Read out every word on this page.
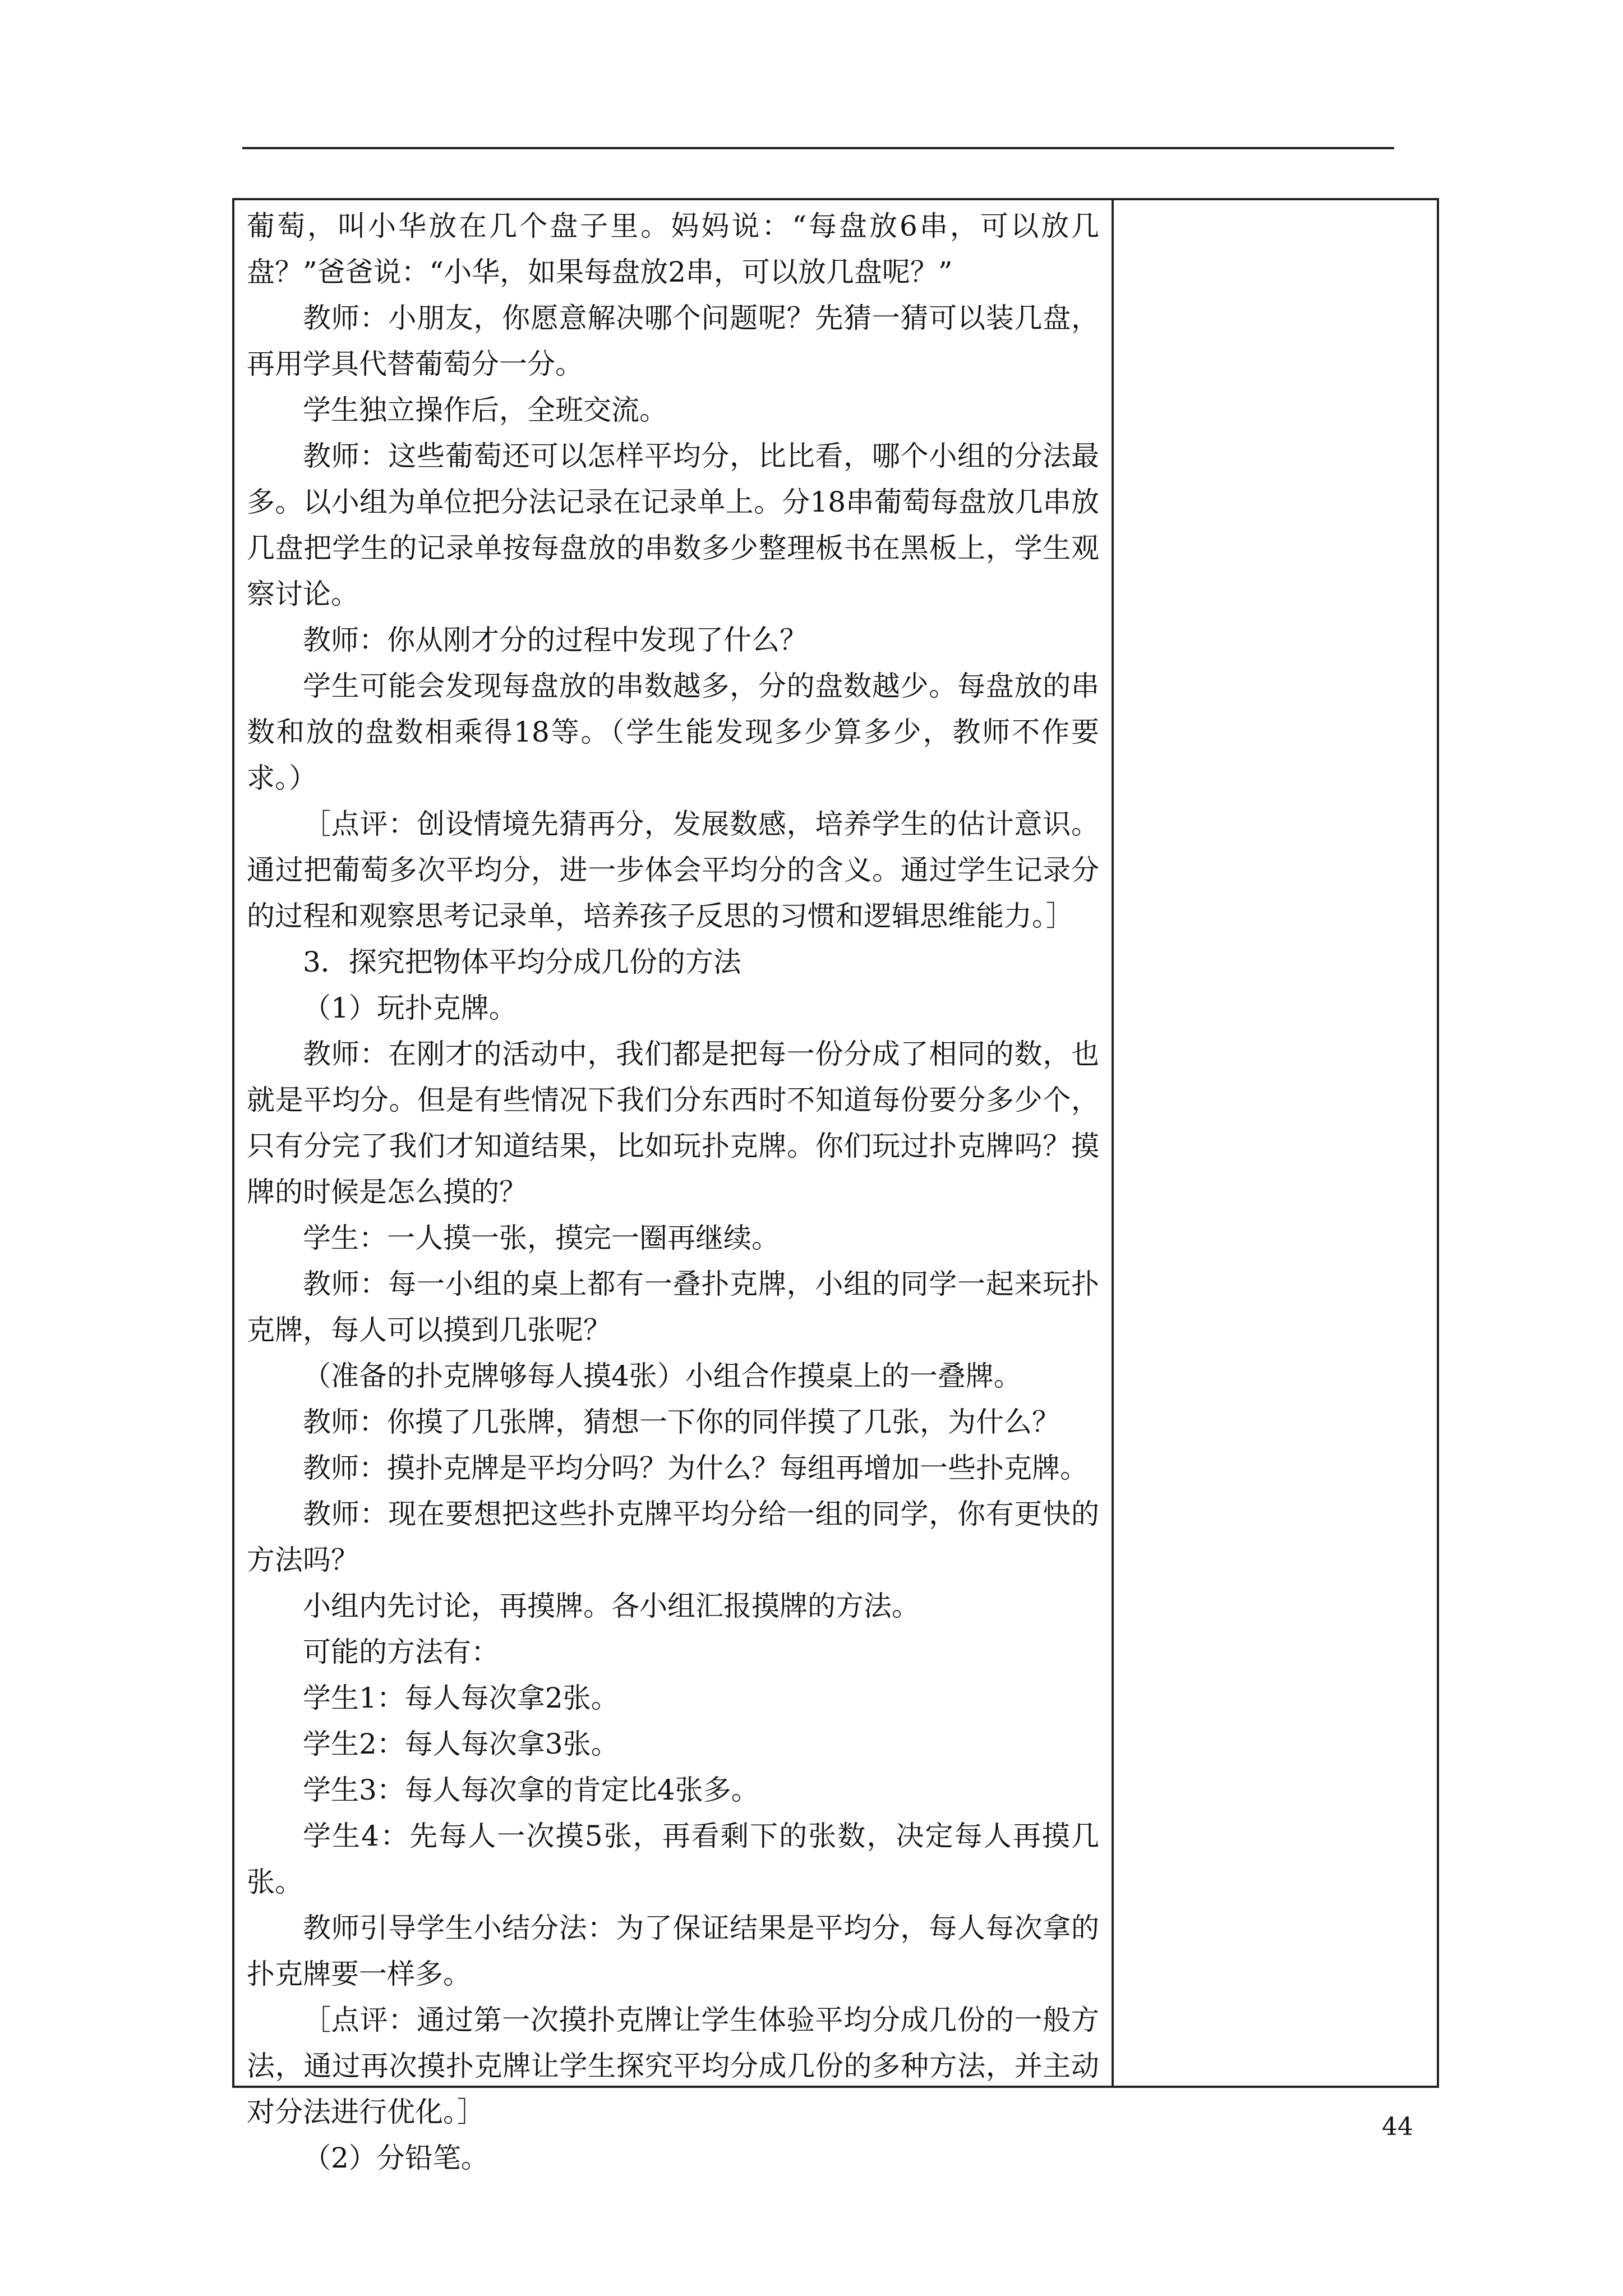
葡萄，叫小华放在几个盘子里。妈妈说：“每盘放6串，可以放几盘？”爸爸说：“小华，如果每盘放2串，可以放几盘呢？”

教师：小朋友，你愿意解决哪个问题呢？先猜一猜可以装几盘，再用学具代替葡萄分一分。

学生独立操作后，全班交流。

教师：这些葡萄还可以怎样平均分，比比看，哪个小组的分法最多。以小组为单位把分法记录在记录单上。分18串葡萄每盘放几串放几盘把学生的记录单按每盘放的串数多少整理板书在黑板上，学生观察讨论。

教师：你从刚才分的过程中发现了什么？

学生可能会发现每盘放的串数越多，分的盘数越少。每盘放的串数和放的盘数相乘得18等。（学生能发现多少算多少，教师不作要求。）

［点评：创设情境先猜再分，发展数感，培养学生的估计意识。通过把葡萄多次平均分，进一步体会平均分的含义。通过学生记录分的过程和观察思考记录单，培养孩子反思的习惯和逻辑思维能力。］

3．探究把物体平均分成几份的方法

（1）玩扑克牌。

教师：在刚才的活动中，我们都是把每一份分成了相同的数，也就是平均分。但是有些情况下我们分东西时不知道每份要分多少个，只有分完了我们才知道结果，比如玩扑克牌。你们玩过扑克牌吗？摸牌的时候是怎么摸的？

学生：一人摸一张，摸完一圈再继续。

教师：每一小组的桌上都有一叠扑克牌，小组的同学一起来玩扑克牌，每人可以摸到几张呢？

（准备的扑克牌够每人摸4张）小组合作摸桌上的一叠牌。

教师：你摸了几张牌，猜想一下你的同伴摸了几张，为什么？

教师：摸扑克牌是平均分吗？为什么？每组再增加一些扑克牌。

教师：现在要想把这些扑克牌平均分给一组的同学，你有更快的方法吗？

小组内先讨论，再摸牌。各小组汇报摸牌的方法。

可能的方法有：

学生1：每人每次拿2张。

学生2：每人每次拿3张。

学生3：每人每次拿的肯定比4张多。

学生4：先每人一次摸5张，再看剩下的张数，决定每人再摸几张。

教师引导学生小结分法：为了保证结果是平均分，每人每次拿的扑克牌要一样多。

［点评：通过第一次摸扑克牌让学生体验平均分成几份的一般方法，通过再次摸扑克牌让学生探究平均分成几份的多种方法，并主动对分法进行优化。］

（2）分铅笔。

44
